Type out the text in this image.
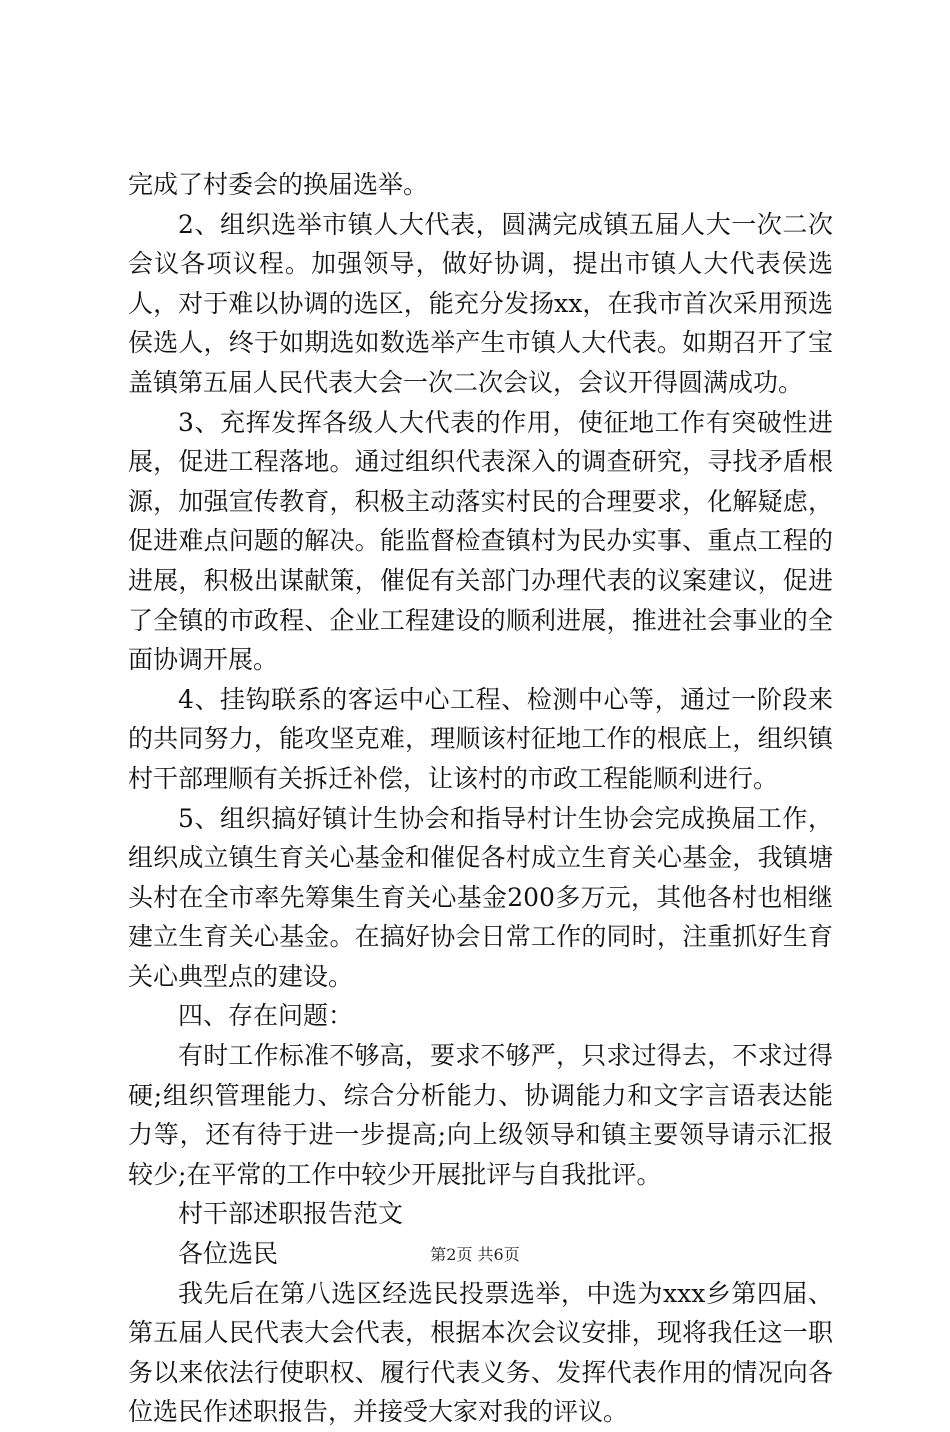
完成了村委会的换届选举。

2、组织选举市镇人大代表，圆满完成镇五届人大一次二次会议各项议程。加强领导，做好协调，提出市镇人大代表侯选人，对于难以协调的选区，能充分发扬xx，在我市首次采用预选侯选人，终于如期选如数选举产生市镇人大代表。如期召开了宝盖镇第五届人民代表大会一次二次会议，会议开得圆满成功。

3、充挥发挥各级人大代表的作用，使征地工作有突破性进展，促进工程落地。通过组织代表深入的调查研究，寻找矛盾根源，加强宣传教育，积极主动落实村民的合理要求，化解疑虑，促进难点问题的解决。能监督检查镇村为民办实事、重点工程的进展，积极出谋献策，催促有关部门办理代表的议案建议，促进了全镇的市政程、企业工程建设的顺利进展，推进社会事业的全面协调开展。

4、挂钩联系的客运中心工程、检测中心等，通过一阶段来的共同努力，能攻坚克难，理顺该村征地工作的根底上，组织镇村干部理顺有关拆迁补偿，让该村的市政工程能顺利进行。

5、组织搞好镇计生协会和指导村计生协会完成换届工作，组织成立镇生育关心基金和催促各村成立生育关心基金，我镇塘头村在全市率先筹集生育关心基金200多万元，其他各村也相继建立生育关心基金。在搞好协会日常工作的同时，注重抓好生育关心典型点的建设。

四、存在问题：

有时工作标准不够高，要求不够严，只求过得去，不求过得硬;组织管理能力、综合分析能力、协调能力和文字言语表达能力等，还有待于进一步提高;向上级领导和镇主要领导请示汇报较少;在平常的工作中较少开展批评与自我批评。

村干部述职报告范文

各位选民

我先后在第八选区经选民投票选举，中选为xxx乡第四届、第五届人民代表大会代表，根据本次会议安排，现将我任这一职务以来依法行使职权、履行代表义务、发挥代表作用的情况向各位选民作述职报告，并接受大家对我的评议。

第2页 共6页
